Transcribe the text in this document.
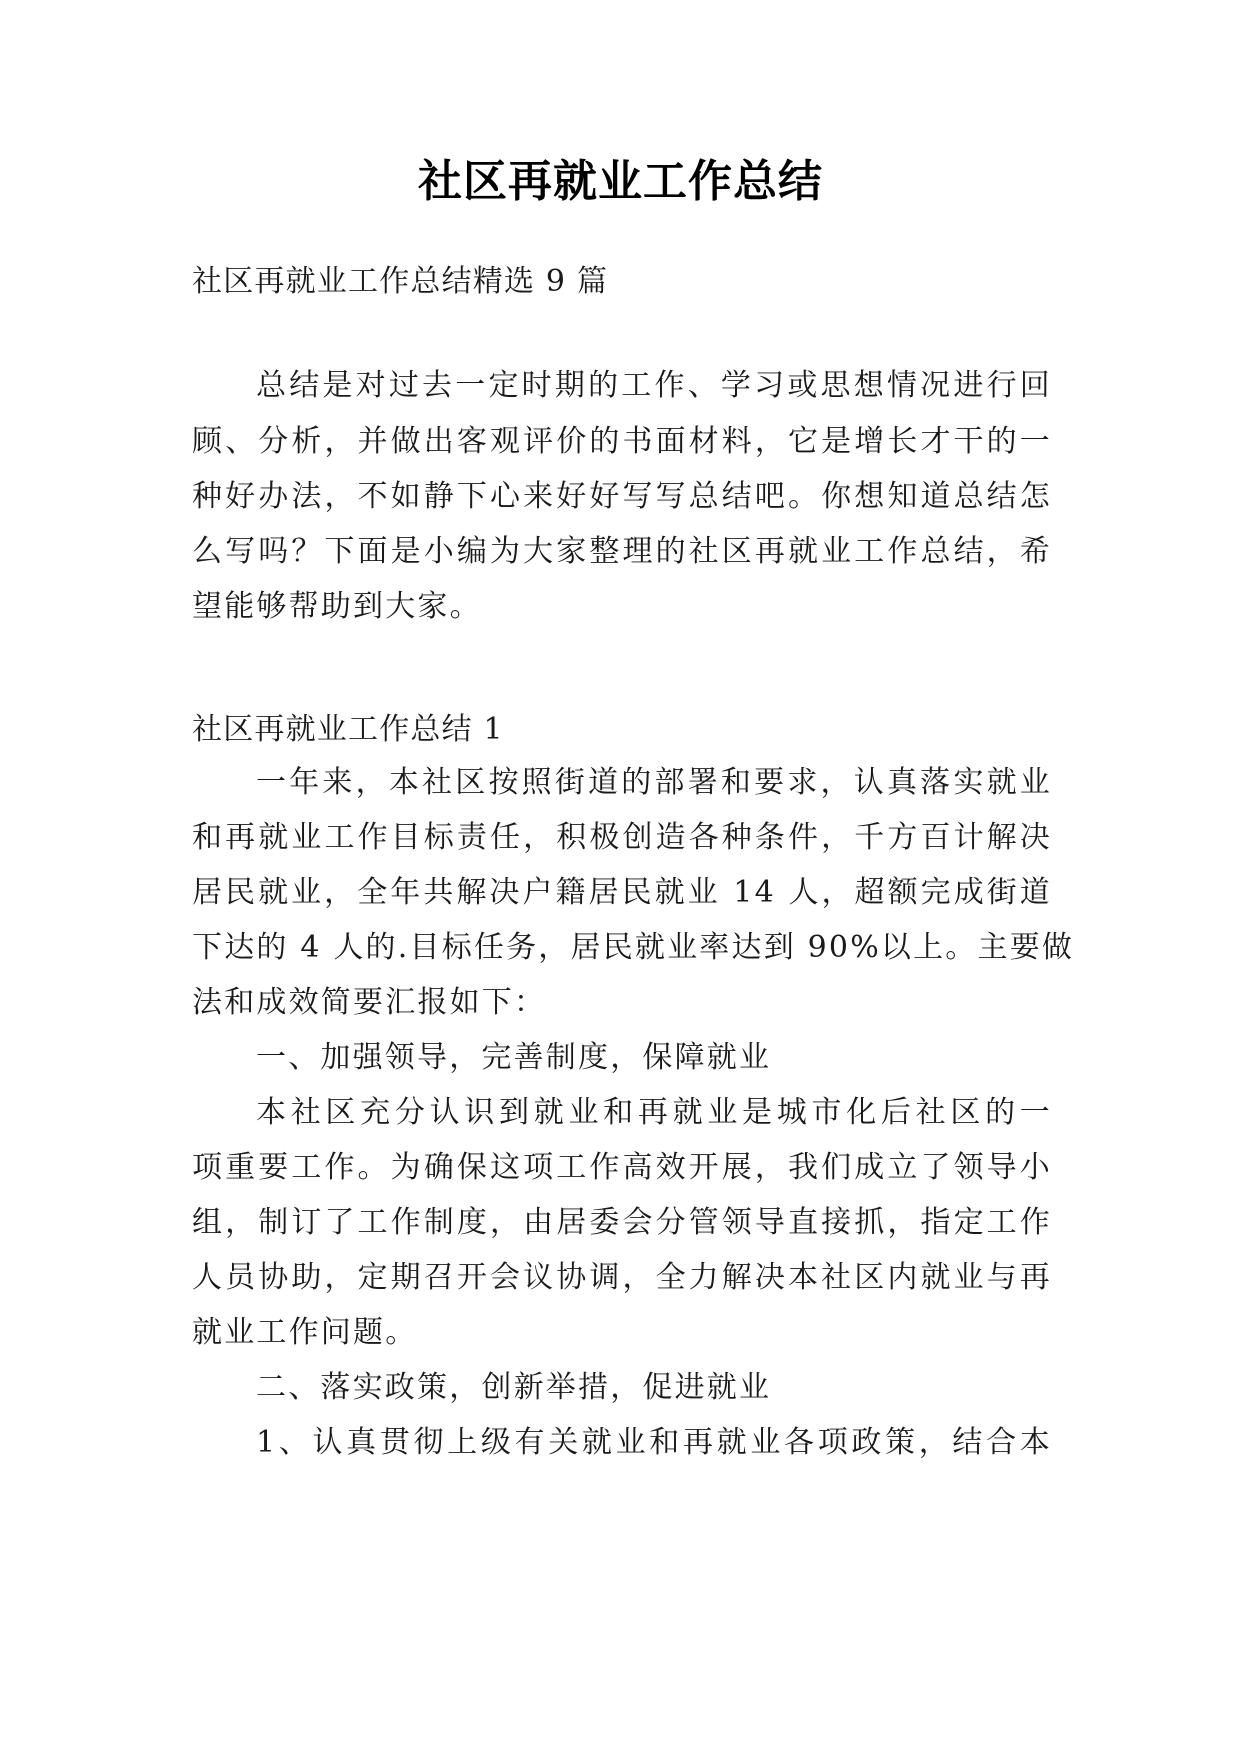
社区再就业工作总结
社区再就业工作总结精选 9 篇
总结是对过去一定时期的工作、学习或思想情况进行回
顾、分析，并做出客观评价的书面材料，它是增长才干的一
种好办法，不如静下心来好好写写总结吧。你想知道总结怎
么写吗？下面是小编为大家整理的社区再就业工作总结，希
望能够帮助到大家。
社区再就业工作总结 1
一年来，本社区按照街道的部署和要求，认真落实就业
和再就业工作目标责任，积极创造各种条件，千方百计解决
居民就业，全年共解决户籍居民就业 14 人，超额完成街道
下达的 4 人的.目标任务，居民就业率达到 90%以上。主要做
法和成效简要汇报如下：
一、加强领导，完善制度，保障就业
本社区充分认识到就业和再就业是城市化后社区的一
项重要工作。为确保这项工作高效开展，我们成立了领导小
组，制订了工作制度，由居委会分管领导直接抓，指定工作
人员协助，定期召开会议协调，全力解决本社区内就业与再
就业工作问题。
二、落实政策，创新举措，促进就业
1、认真贯彻上级有关就业和再就业各项政策，结合本
